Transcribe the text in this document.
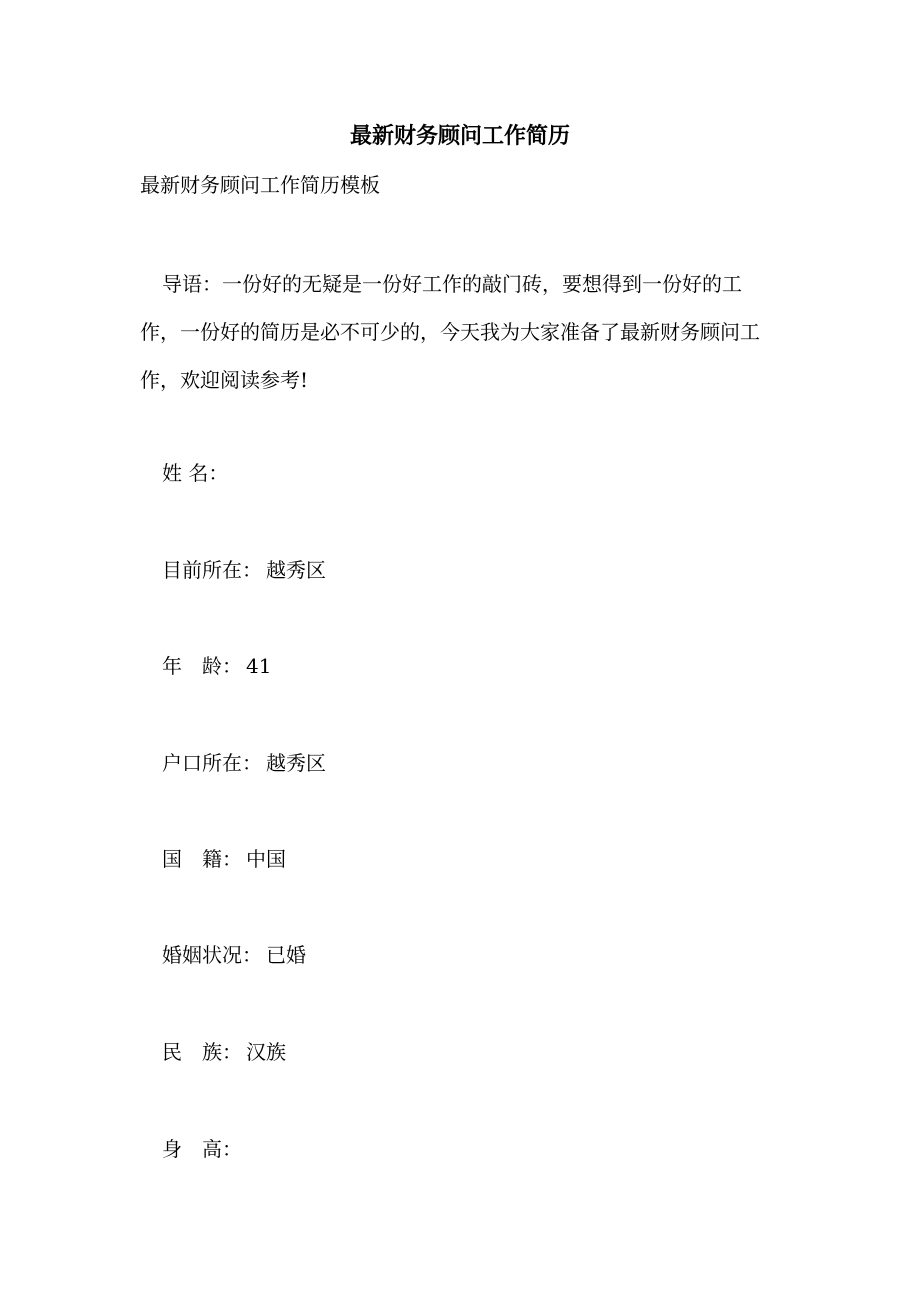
最新财务顾问工作简历
最新财务顾问工作简历模板
导语：一份好的无疑是一份好工作的敲门砖，要想得到一份好的工作，一份好的简历是必不可少的，今天我为大家准备了最新财务顾问工作，欢迎阅读参考!
姓 名：
目前所在：越秀区
年　龄： 41
户口所在：越秀区
国　籍： 中国
婚姻状况：已婚
民　族： 汉族
身　高：
